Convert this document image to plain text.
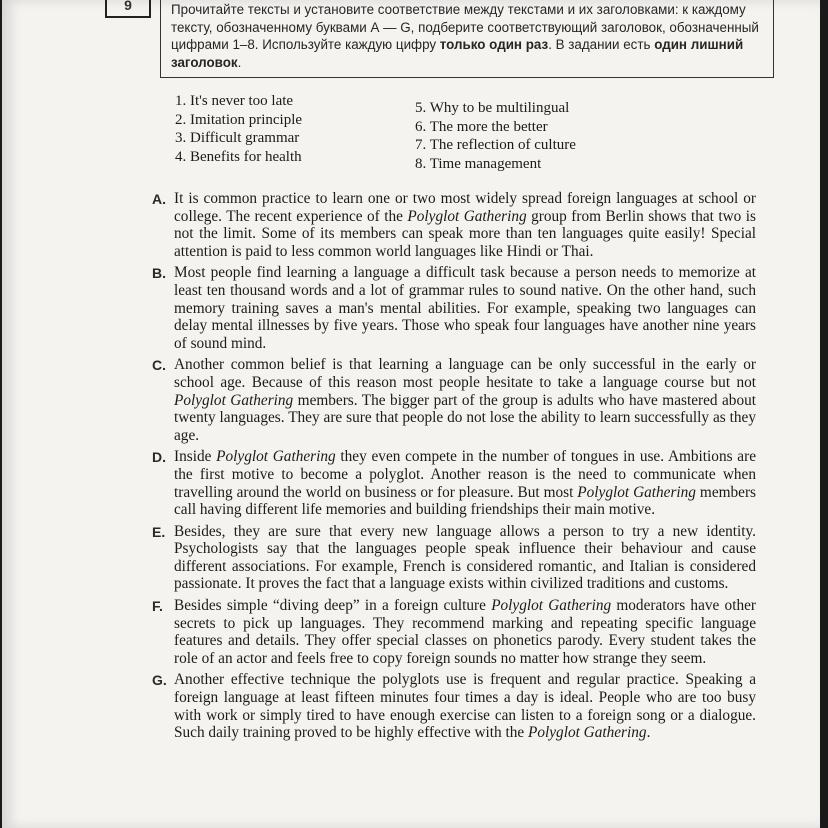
9	Прочитайте тексты и установите соответствие между текстами и их заголовками: к каждому тексту, обозначенному буквами А — G, подберите соответствующий заголовок, обозначенный цифрами 1–8. Используйте каждую цифру только один раз. В задании есть один лишний заголовок.
1. It's never too late
2. Imitation principle
3. Difficult grammar
4. Benefits for health
5. Why to be multilingual
6. The more the better
7. The reflection of culture
8. Time management
A. It is common practice to learn one or two most widely spread foreign languages at school or college. The recent experience of the Polyglot Gathering group from Berlin shows that two is not the limit. Some of its members can speak more than ten languages quite easily! Special attention is paid to less common world languages like Hindi or Thai.
B. Most people find learning a language a difficult task because a person needs to memorize at least ten thousand words and a lot of grammar rules to sound native. On the other hand, such memory training saves a man's mental abilities. For example, speaking two languages can delay mental illnesses by five years. Those who speak four languages have another nine years of sound mind.
C. Another common belief is that learning a language can be only successful in the early or school age. Because of this reason most people hesitate to take a language course but not Polyglot Gathering members. The bigger part of the group is adults who have mastered about twenty languages. They are sure that people do not lose the ability to learn successfully as they age.
D. Inside Polyglot Gathering they even compete in the number of tongues in use. Ambitions are the first motive to become a polyglot. Another reason is the need to communicate when travelling around the world on business or for pleasure. But most Polyglot Gathering members call having different life memories and building friendships their main motive.
E. Besides, they are sure that every new language allows a person to try a new identity. Psychologists say that the languages people speak influence their behaviour and cause different associations. For example, French is considered romantic, and Italian is considered passionate. It proves the fact that a language exists within civilized traditions and customs.
F. Besides simple “diving deep” in a foreign culture Polyglot Gathering moderators have other secrets to pick up languages. They recommend marking and repeating specific language features and details. They offer special classes on phonetics parody. Every student takes the role of an actor and feels free to copy foreign sounds no matter how strange they seem.
G. Another effective technique the polyglots use is frequent and regular practice. Speaking a foreign language at least fifteen minutes four times a day is ideal. People who are too busy with work or simply tired to have enough exercise can listen to a foreign song or a dialogue. Such daily training proved to be highly effective with the Polyglot Gathering.
